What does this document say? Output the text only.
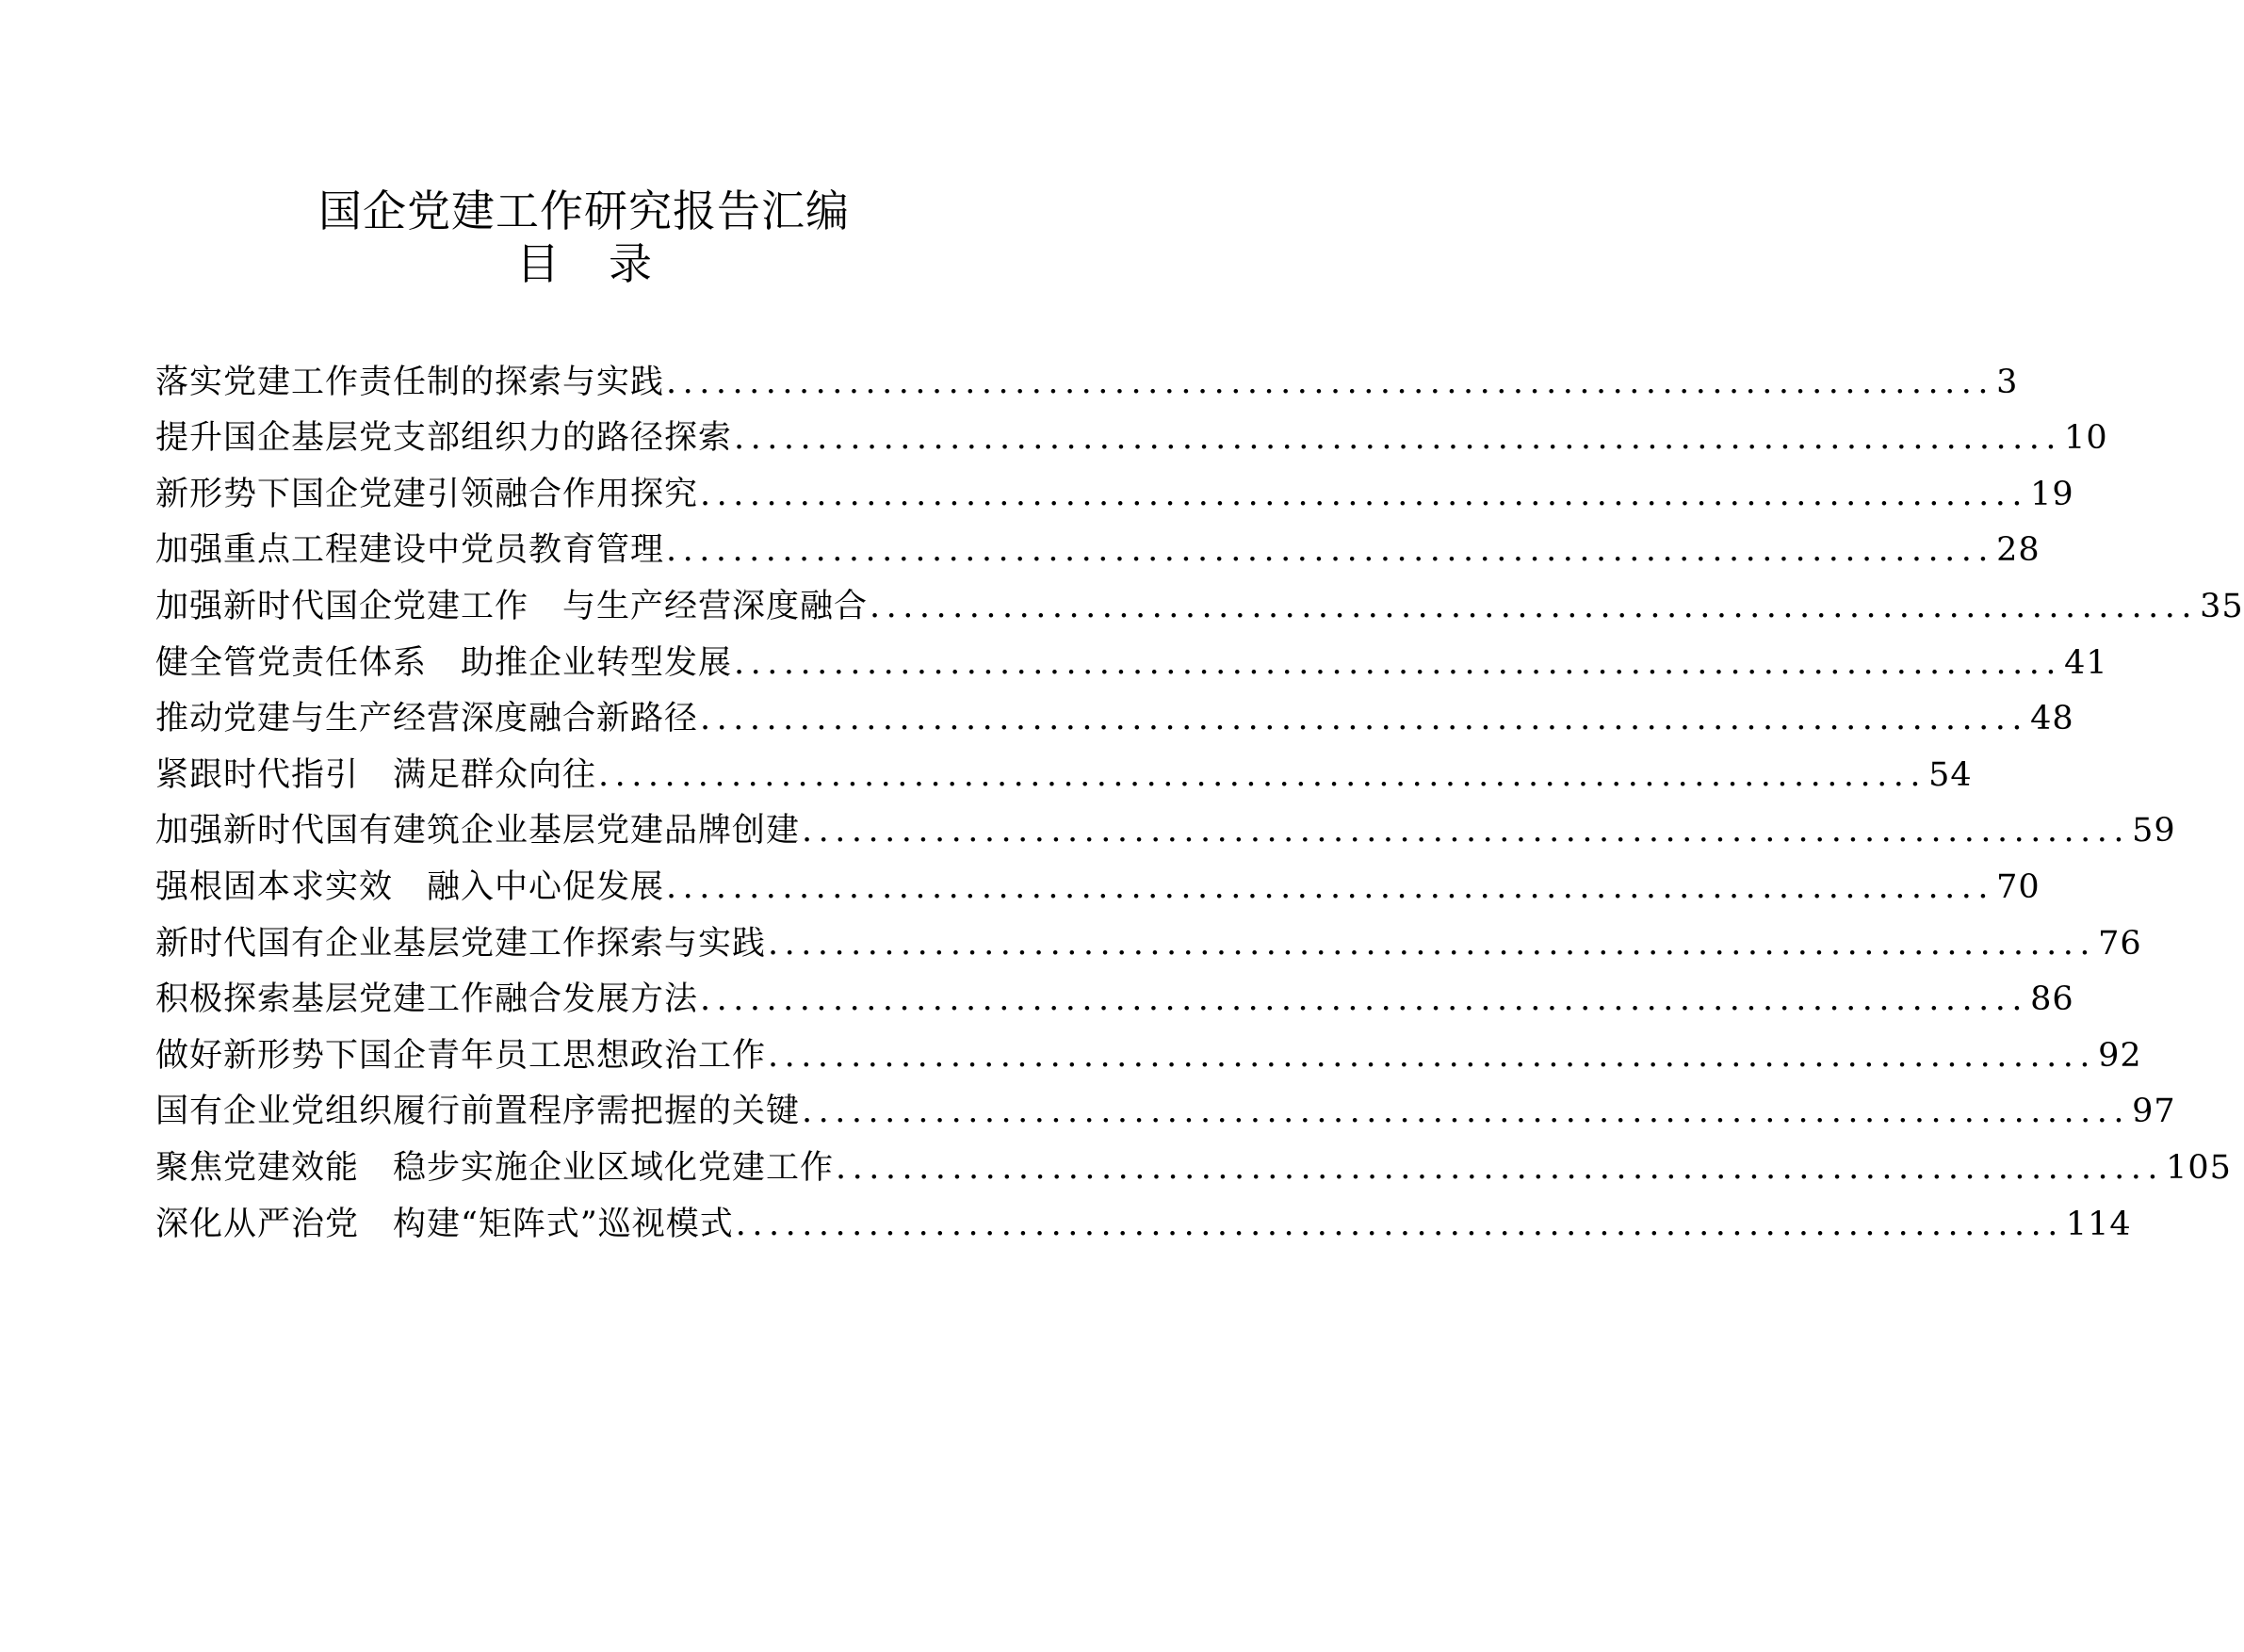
国企党建工作研究报告汇编
目 录
落实党建工作责任制的探索与实践 ................................................................................ 3
提升国企基层党支部组织力的路径探索 ................................................................................ 10
新形势下国企党建引领融合作用探究 ................................................................................ 19
加强重点工程建设中党员教育管理 ................................................................................ 28
加强新时代国企党建工作　与生产经营深度融合 ................................................................................ 35
健全管党责任体系　助推企业转型发展 ................................................................................ 41
推动党建与生产经营深度融合新路径 ................................................................................ 48
紧跟时代指引　满足群众向往 ................................................................................ 54
加强新时代国有建筑企业基层党建品牌创建 ................................................................................ 59
强根固本求实效　融入中心促发展 ................................................................................ 70
新时代国有企业基层党建工作探索与实践 ................................................................................ 76
积极探索基层党建工作融合发展方法 ................................................................................ 86
做好新形势下国企青年员工思想政治工作 ................................................................................ 92
国有企业党组织履行前置程序需把握的关键 ................................................................................ 97
聚焦党建效能　稳步实施企业区域化党建工作 ................................................................................ 105
深化从严治党　构建“矩阵式”巡视模式 ................................................................................ 114
